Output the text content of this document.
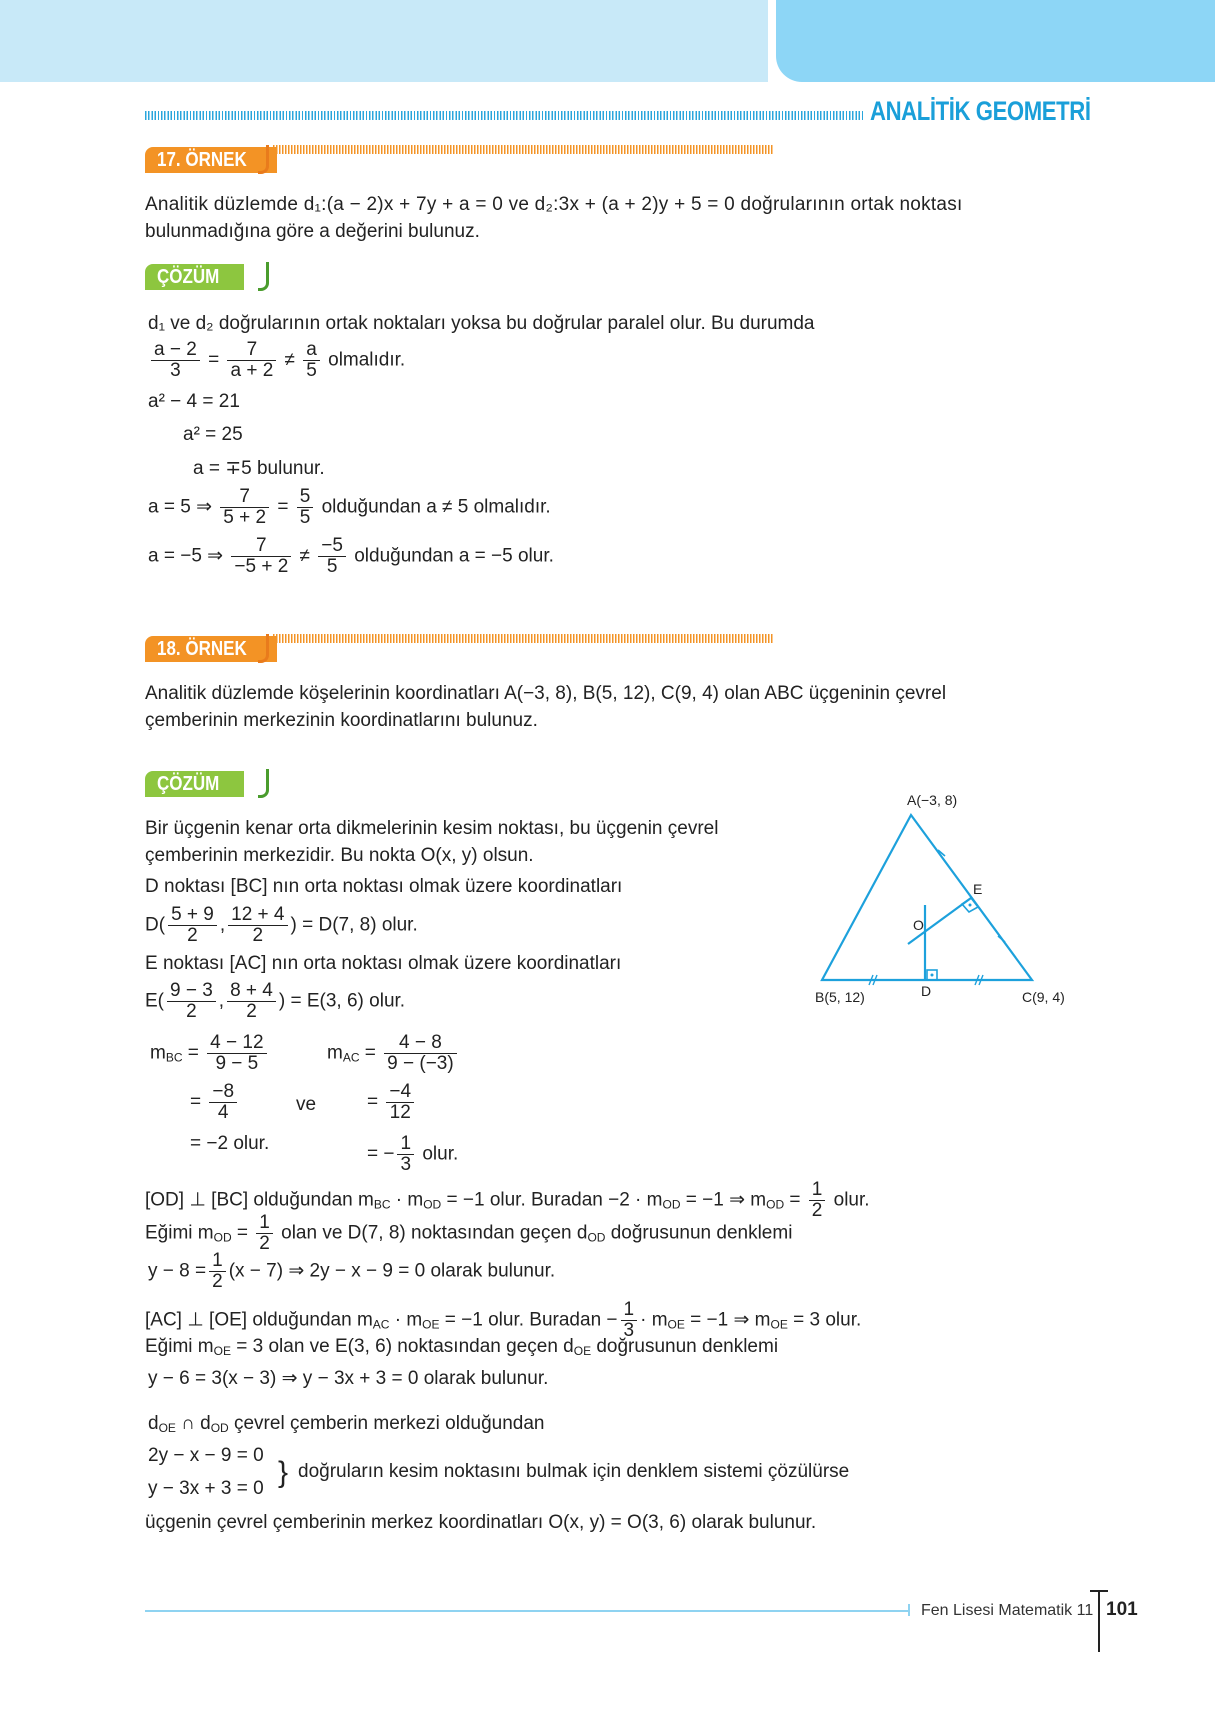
ANALİTİK GEOMETRİ
17. ÖRNEK
Analitik düzlemde d₁:(a − 2)x + 7y + a = 0 ve d₂:3x + (a + 2)y + 5 = 0 doğrularının ortak noktası
bulunmadığına göre a değerini bulunuz.
ÇÖZÜM
d₁ ve d₂ doğrularının ortak noktaları yoksa bu doğrular paralel olur. Bu durumda
$\frac{a - 2}{3} = \frac{7}{a + 2} \ne \frac{a}{5}$ olmalıdır.
a² − 4 = 21
a² = 25
a = ∓5 bulunur.
a = 5 ⇒ $\frac{7}{5 + 2} = \frac{5}{5}$ olduğundan a ≠ 5 olmalıdır.
a = −5 ⇒ $\frac{7}{-5 + 2} \ne \frac{-5}{5}$ olduğundan a = −5 olur.
18. ÖRNEK
Analitik düzlemde köşelerinin koordinatları A(−3, 8), B(5, 12), C(9, 4) olan ABC üçgeninin çevrel
çemberinin merkezinin koordinatlarını bulunuz.
ÇÖZÜM
Bir üçgenin kenar orta dikmelerinin kesim noktası, bu üçgenin çevrel
çemberinin merkezidir. Bu nokta O(x, y) olsun.
D noktası [BC] nın orta noktası olmak üzere koordinatları
$D( \frac{5 + 9}{2}$ , $\frac{12 + 4}{2}$ ) = D(7, 8) olur.
E noktası [AC] nın orta noktası olmak üzere koordinatları
$E( \frac{9 - 3}{2}$ , $\frac{8 + 4}{2}$ ) = E(3, 6) olur.
$m_{BC} = \frac{4 - 12}{9 - 5}$
= $\frac{-8}{4}$	ve
= −2 olur.
$m_{AC} = \frac{4 - 8}{9 - (-3)}$
= $\frac{-4}{12}$
= − $\frac{1}{3}$ olur.
[OD] ⊥ [BC] olduğundan $m_{BC} \cdot m_{OD} = -1$ olur. Buradan $-2 \cdot m_{OD} = -1$ ⇒ $m_{OD} = \frac{1}{2}$ olur.
Eğimi $m_{OD} = \frac{1}{2}$ olan ve D(7, 8) noktasından geçen $d_{OD}$ doğrusunun denklemi
$y - 8 = \frac{1}{2} (x - 7)$ ⇒ 2y − x − 9 = 0 olarak bulunur.
[AC] ⊥ [OE] olduğundan $m_{AC} \cdot m_{OE} = -1$ olur. Buradan − $\frac{1}{3} \cdot m_{OE} = -1$ ⇒ $m_{OE} = 3$ olur.
Eğimi $m_{OE} = 3$ olan ve E(3, 6) noktasından geçen $d_{OE}$ doğrusunun denklemi
y − 6 = 3(x − 3) ⇒ y − 3x + 3 = 0 olarak bulunur.
$d_{OE}$ ∩ $d_{OD}$ çevrel çemberin merkezi olduğundan
2y − x − 9 = 0
y − 3x + 3 = 0 } doğruların kesim noktasını bulmak için denklem sistemi çözülürse
üçgenin çevrel çemberinin merkez koordinatları O(x, y) = O(3, 6) olarak bulunur.
A(−3, 8)
B(5, 12)	C(9, 4)
D
E
O
Fen Lisesi Matematik 11 101
